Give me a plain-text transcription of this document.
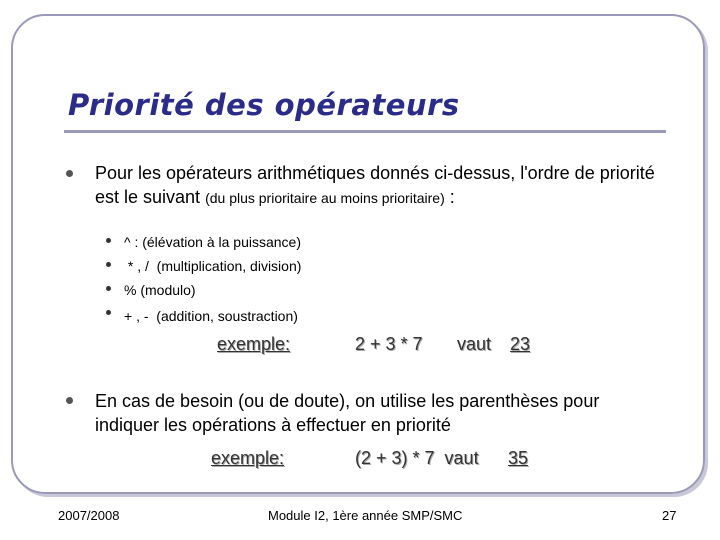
Priorité des opérateurs
Pour les opérateurs arithmétiques donnés ci-dessus, l'ordre de priorité est le suivant (du plus prioritaire au moins prioritaire) :
^ : (élévation à la puissance)
* , /  (multiplication, division)
% (modulo)
+ , -  (addition, soustraction)
exemple:	2 + 3 * 7 vaut 23
En cas de besoin (ou de doute), on utilise les parenthèses pour indiquer les opérations à effectuer en priorité
exemple:	(2 + 3) * 7  vaut 35
2007/2008	Module I2, 1ère année SMP/SMC	27
